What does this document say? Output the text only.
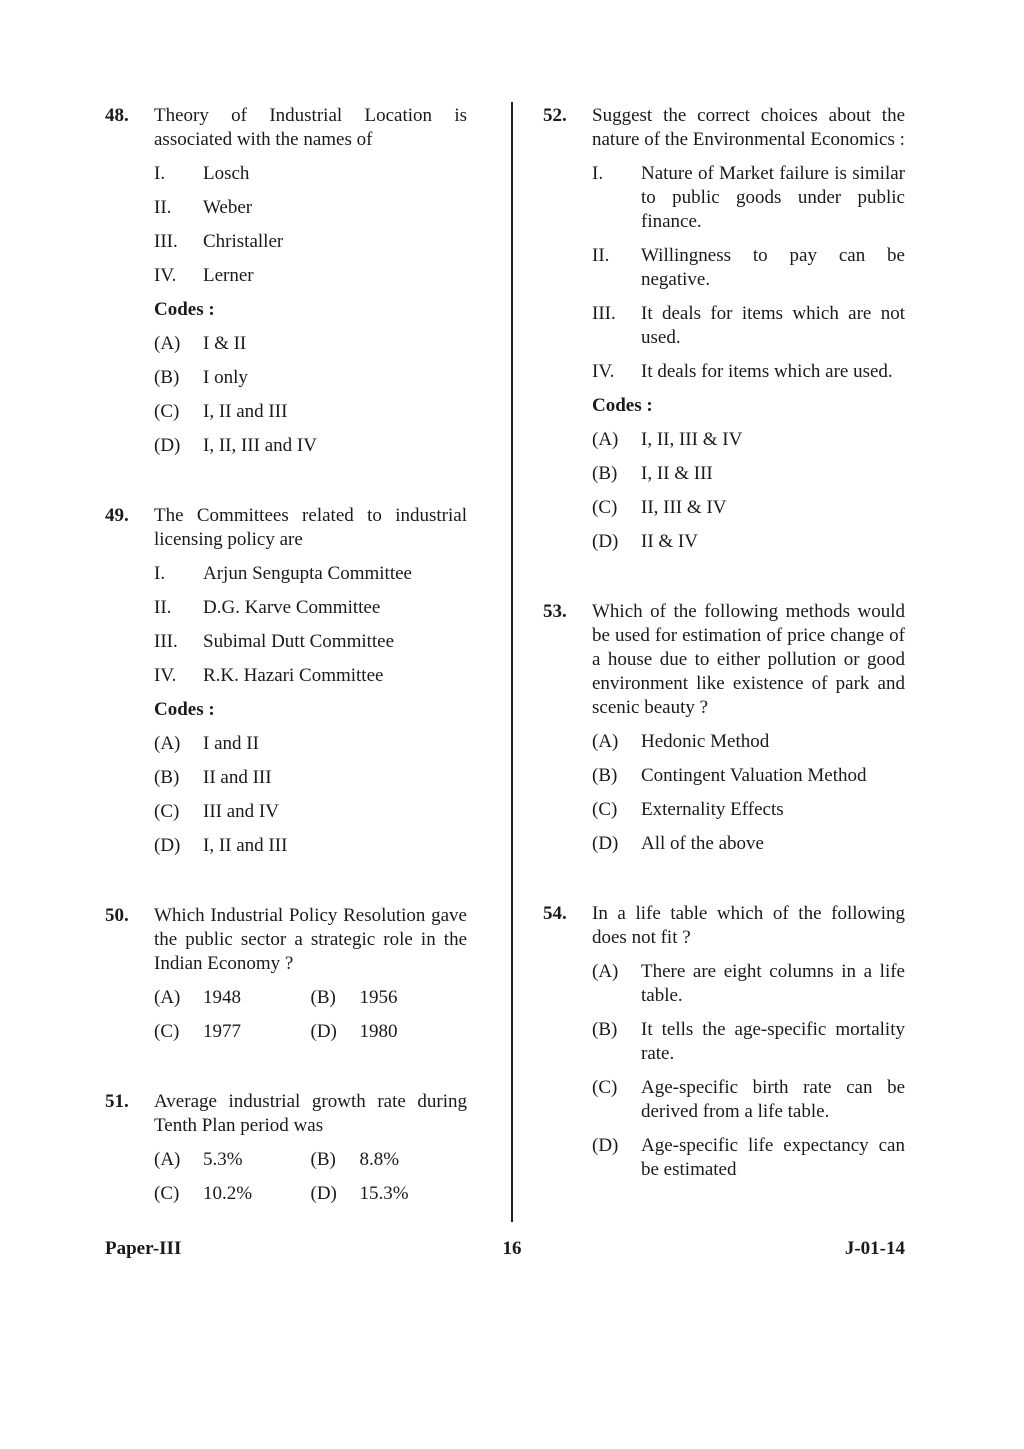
48. Theory of Industrial Location is associated with the names of
I. Losch
II. Weber
III. Christaller
IV. Lerner
Codes :
(A) I & II
(B) I only
(C) I, II and III
(D) I, II, III and IV
49. The Committees related to industrial licensing policy are
I. Arjun Sengupta Committee
II. D.G. Karve Committee
III. Subimal Dutt Committee
IV. R.K. Hazari Committee
Codes :
(A) I and II
(B) II and III
(C) III and IV
(D) I, II and III
50. Which Industrial Policy Resolution gave the public sector a strategic role in the Indian Economy ?
(A) 1948	(B) 1956
(C) 1977	(D) 1980
51. Average industrial growth rate during Tenth Plan period was
(A) 5.3%	(B) 8.8%
(C) 10.2%	(D) 15.3%
52. Suggest the correct choices about the nature of the Environmental Economics :
I. Nature of Market failure is similar to public goods under public finance.
II. Willingness to pay can be negative.
III. It deals for items which are not used.
IV. It deals for items which are used.
Codes :
(A) I, II, III & IV
(B) I, II & III
(C) II, III & IV
(D) II & IV
53. Which of the following methods would be used for estimation of price change of a house due to either pollution or good environment like existence of park and scenic beauty ?
(A) Hedonic Method
(B) Contingent Valuation Method
(C) Externality Effects
(D) All of the above
54. In a life table which of the following does not fit ?
(A) There are eight columns in a life table.
(B) It tells the age-specific mortality rate.
(C) Age-specific birth rate can be derived from a life table.
(D) Age-specific life expectancy can be estimated
16
Paper-III	J-01-14
